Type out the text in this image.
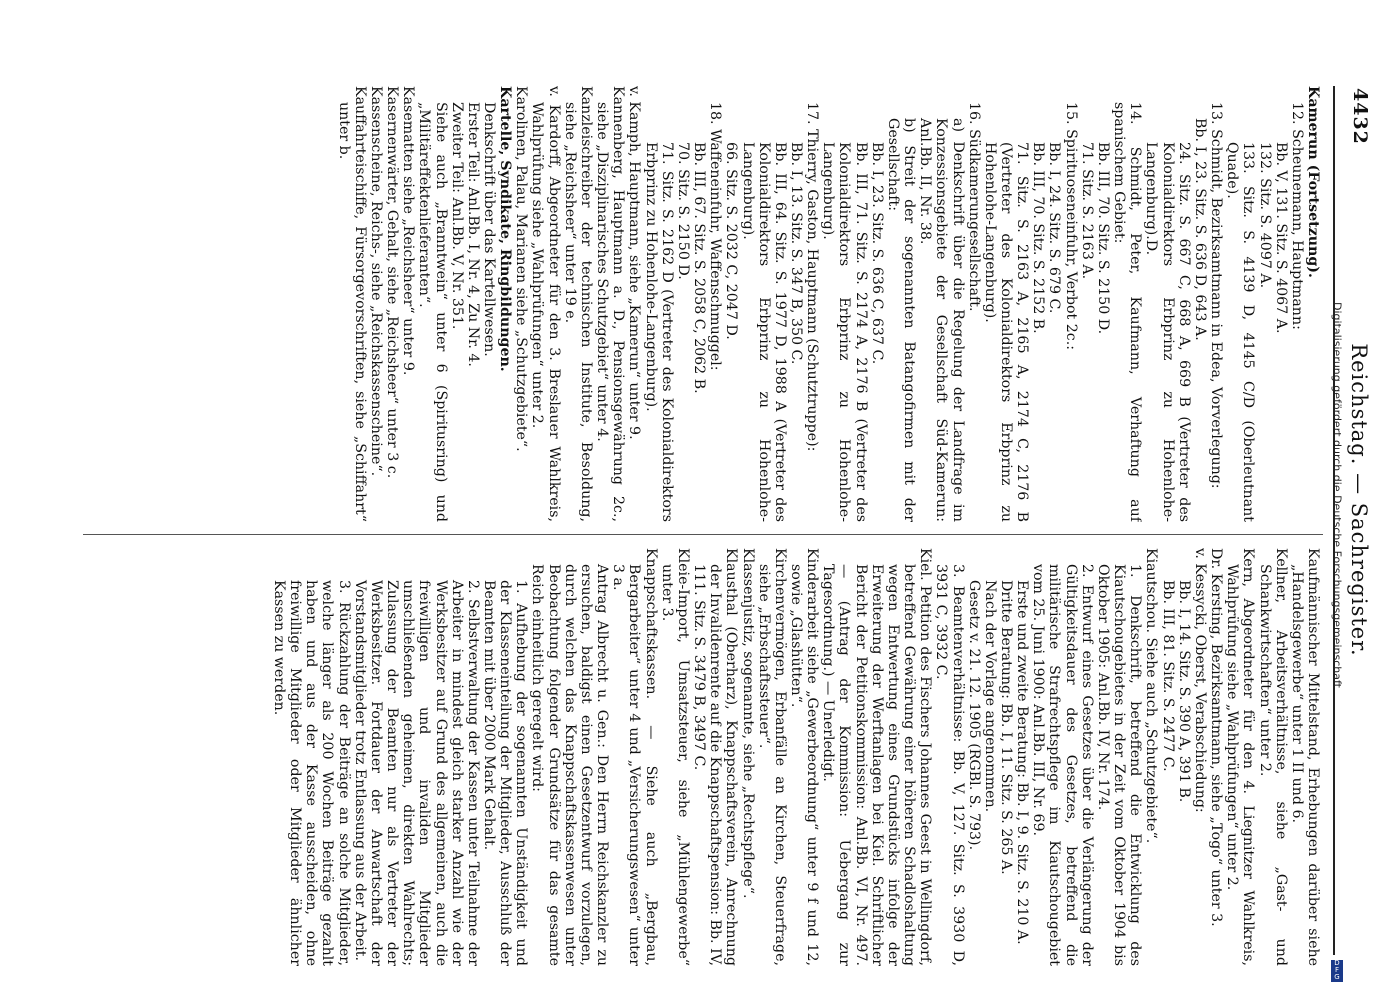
4432
Reichstag. — Sachregister.

Kamerun (Fortsetzung).

12. Scheunemann, Hauptmann:

Bb. V, 131. Sitz. S. 4067 A.

132. Sitz. S. 4097 A.

133. Sitz. S. 4139 D, 4145 C/D (Oberleutnant Quade).

13. Schmidt, Bezirksamtmann in Edea, Vorverlegung:

Bb. I, 23. Sitz. S. 636 D, 643 A.

24. Sitz. S. 667 C, 668 A, 669 B (Vertreter des Kolonialdirektors Erbprinz zu Hohenlohe-Langenburg).D.

14. Schmidt, Peter, Kaufmann, Verhaftung auf spanischem Gebiet:

Bb. III, 70. Sitz. S. 2150 D.

71. Sitz. S. 2163 A.

15. Spirituoseneinfuhr, Verbot 2c.:

Bb. I, 24. Sitz. S. 679 C.

Bb. III, 70. Sitz. S. 2152 B.

71. Sitz. S. 2163 A, 2165 A, 2174 C, 2176 B (Vertreter des Kolonialdirektors Erbprinz zu Hohenlohe-Langenburg).

16. Südkamerungesellschaft.

a) Denkschrift über die Regelung der Landfrage im Konzessionsgebiete der Gesellschaft Süd-Kamerun: Anl.Bb. II, Nr. 38.

b) Streit der sogenannten Batangofirmen mit der Gesellschaft:

Bb. I, 23. Sitz. S. 636 C, 637 C.

Bb. III, 71. Sitz. S. 2174 A, 2176 B (Vertreter des Kolonialdirektors Erbprinz zu Hohenlohe-Langenburg).

17. Thierry, Gaston, Hauptmann (Schutztruppe):

Bb. I, 13. Sitz. S. 347 B, 350 C.

Bb. III, 64. Sitz. S. 1977 D, 1988 A (Vertreter des Kolonialdirektors Erbprinz zu Hohenlohe-Langenburg).

66. Sitz. S. 2032 C, 2047 D.

18. Waffeneinfuhr, Waffenschmuggel:

Bb. III, 67. Sitz. S. 2058 C, 2062 B.

70. Sitz. S. 2150 D.

71. Sitz. S. 2162 D (Vertreter des Kolonialdirektors Erbprinz zu Hohenlohe-Langenburg).

v. Kamph, Hauptmann, siehe „Kamerun“ unter 9.

Kannenberg, Hauptmann a. D., Pensionsgewährung 2c., siehe „Disziplinarisches Schutzgebiet“ unter 4.

Kanzleischreiber der technischen Institute, Besoldung, siehe „Reichsheer“ unter 19 e.

v. Kardorff, Abgeordneter für den 3. Breslauer Wahlkreis, Wahlprüfung siehe „Wahlprüfungen“ unter 2.

Karolinen, Palau, Marianen siehe „Schutzgebiete“.

Kartelle, Syndikate, Ringbildungen.

Denkschrift über das Kartellwesen.

Erster Teil: Anl.Bb. I, Nr. 4, Zu Nr. 4.

Zweiter Teil: Anl.Bb. V, Nr. 351.

Siehe auch „Branntwein“ unter 6 (Spiritusring) und „Militäreffektenlieferanten“.

Kasematten siehe „Reichsheer“ unter 9.

Kasernenwärter, Gehalt, siehe „Reichsheer“ unter 3 c.

Kassenscheine, Reichs-, siehe „Reichskassenscheine“.

Kauffahrteischiffe, Fürsorgevorschriften, siehe „Schiffahrt“ unter b.

Kaufmännischer Mittelstand, Erhebungen darüber siehe „Handelsgewerbe“ unter 1 II und 6.

Kellner, Arbeitsverhältnisse, siehe „Gast- und Schankwirtschaften“ unter 2.

Kern, Abgeordneter für den 4. Liegnitzer Wahlkreis, Wahlprüfung siehe „Wahlprüfungen“ unter 2.

Dr. Kersting, Bezirksamtmann, siehe „Togo“ unter 3.

v. Kessycki, Oberst, Verabschiedung:

Bb. I, 14. Sitz. S. 390 A, 391 B.

Bb. III, 81. Sitz. S. 2477 C.

Kiautschou. Siehe auch „Schutzgebiete“.

1. Denkschrift, betreffend die Entwicklung des Kiautschougebietes in der Zeit vom Oktober 1904 bis Oktober 1905: Anl.Bb. IV, Nr. 174.

2. Entwurf eines Gesetzes über die Verlängerung der Gültigkeitsdauer des Gesetzes, betreffend die militärische Strafrechtspflege im Kiautschougebiet vom 25. Juni 1900: Anl.Bb. III, Nr. 69.

Erste und zweite Beratung: Bb. I, 9. Sitz. S. 210 A.

Dritte Beratung: Bb. I, 11. Sitz. S. 265 A.

Nach der Vorlage angenommen.

Gesetz v. 21. 12. 1905 (RGBl. S. 793).

3. Beamtenverhältnisse: Bb. V, 127. Sitz. S. 3930 D, 3931 C, 3932 C.

Kiel. Petition des Fischers Johannes Geest in Wellingdorf, betreffend Gewährung einer höheren Schadloshaltung wegen Entwertung eines Grundstücks infolge der Erweiterung der Werftanlagen bei Kiel. Schriftlicher Bericht der Petitionskommission: Anl.Bb. VI, Nr. 497. — (Antrag der Kommission: Uebergang zur Tagesordnung.) — Unerledigt.

Kinderarbeit siehe „Gewerbeordnung“ unter 9 f und 12, sowie „Glashütten“.

Kirchenvermögen, Erbanfälle an Kirchen, Steuerfrage, siehe „Erbschaftssteuer“.

Klassenjustiz, sogenannte, siehe „Rechtspflege“.

Klausthal (Oberharz), Knappschaftsverein, Anrechnung der Invalidenrente auf die Knappschaftspension: Bb. IV, 111. Sitz. S. 3479 B, 3497 C.

Kleie-Import, Umsatzsteuer, siehe „Mühlengewerbe“ unter 3.

Knappschaftskassen. — Siehe auch „Bergbau, Bergarbeiter“ unter 4 und „Versicherungswesen“ unter 3 a.

Antrag Albrecht u. Gen.: Den Herrn Reichskanzler zu ersuchen, baldigst einen Gesetzentwurf vorzulegen, durch welchen das Knappschaftskassenwesen unter Beobachtung folgender Grundsätze für das gesamte Reich einheitlich geregelt wird:

1. Aufhebung der sogenannten Unständigkeit und der Klasseneinteilung der Mitglieder, Ausschluß der Beamten mit über 2000 Mark Gehalt.

2. Selbstverwaltung der Kassen unter Teilnahme der Arbeiter in mindest gleich starker Anzahl wie der Werksbesitzer auf Grund des allgemeinen, auch die freiwilligen und invaliden Mitglieder umschließenden geheimen, direkten Wahlrechts; Zulassung der Beamten nur als Vertreter der Werksbesitzer. Fortdauer der Anwartschaft der Vorstandsmitglieder trotz Entlassung aus der Arbeit.

3. Rückzahlung der Beiträge an solche Mitglieder, welche länger als 200 Wochen Beiträge gezahlt haben und aus der Kasse ausscheiden, ohne freiwillige Mitglieder oder Mitglieder ähnlicher Kassen zu werden.	Digitalisierung gefördert durch die Deutsche Forschungsgemeinschaft
D
F
G
